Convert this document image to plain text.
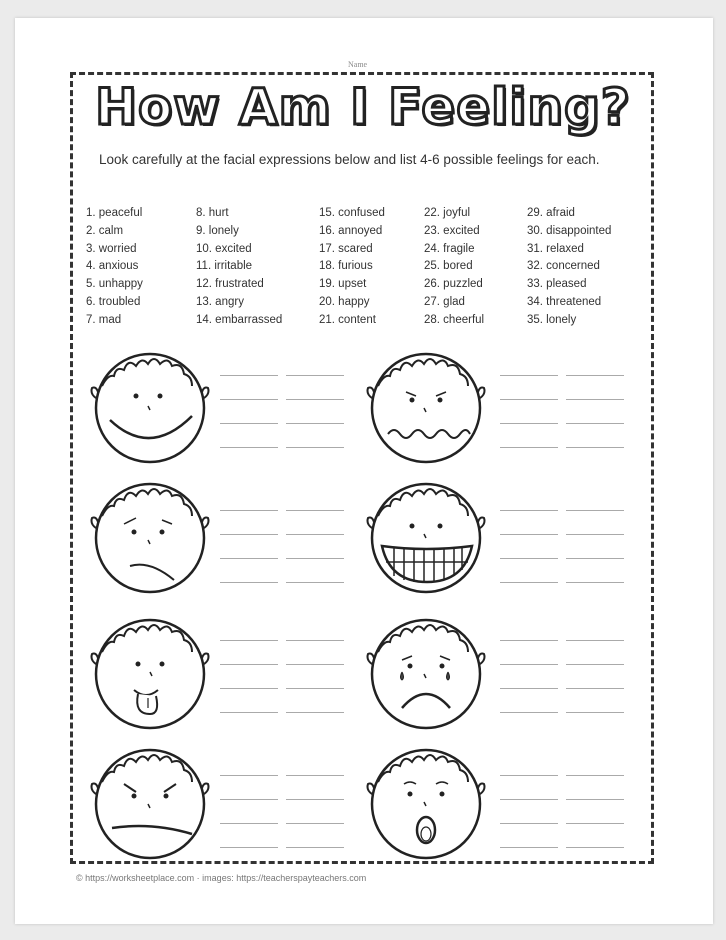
Name
How Am I Feeling?
Look carefully at the facial expressions below and list 4-6 possible feelings for each.
1. peaceful
2. calm
3. worried
4. anxious
5. unhappy
6. troubled
7. mad
8. hurt
9. lonely
10. excited
11. irritable
12. frustrated
13. angry
14. embarrassed
15. confused
16. annoyed
17. scared
18. furious
19. upset
20. happy
21. content
22. joyful
23. excited
24. fragile
25. bored
26. puzzled
27. glad
28. cheerful
29. afraid
30. disappointed
31. relaxed
32. concerned
33. pleased
34. threatened
35. lonely
© https://worksheetplace.com · images: https://teacherspayteachers.com
